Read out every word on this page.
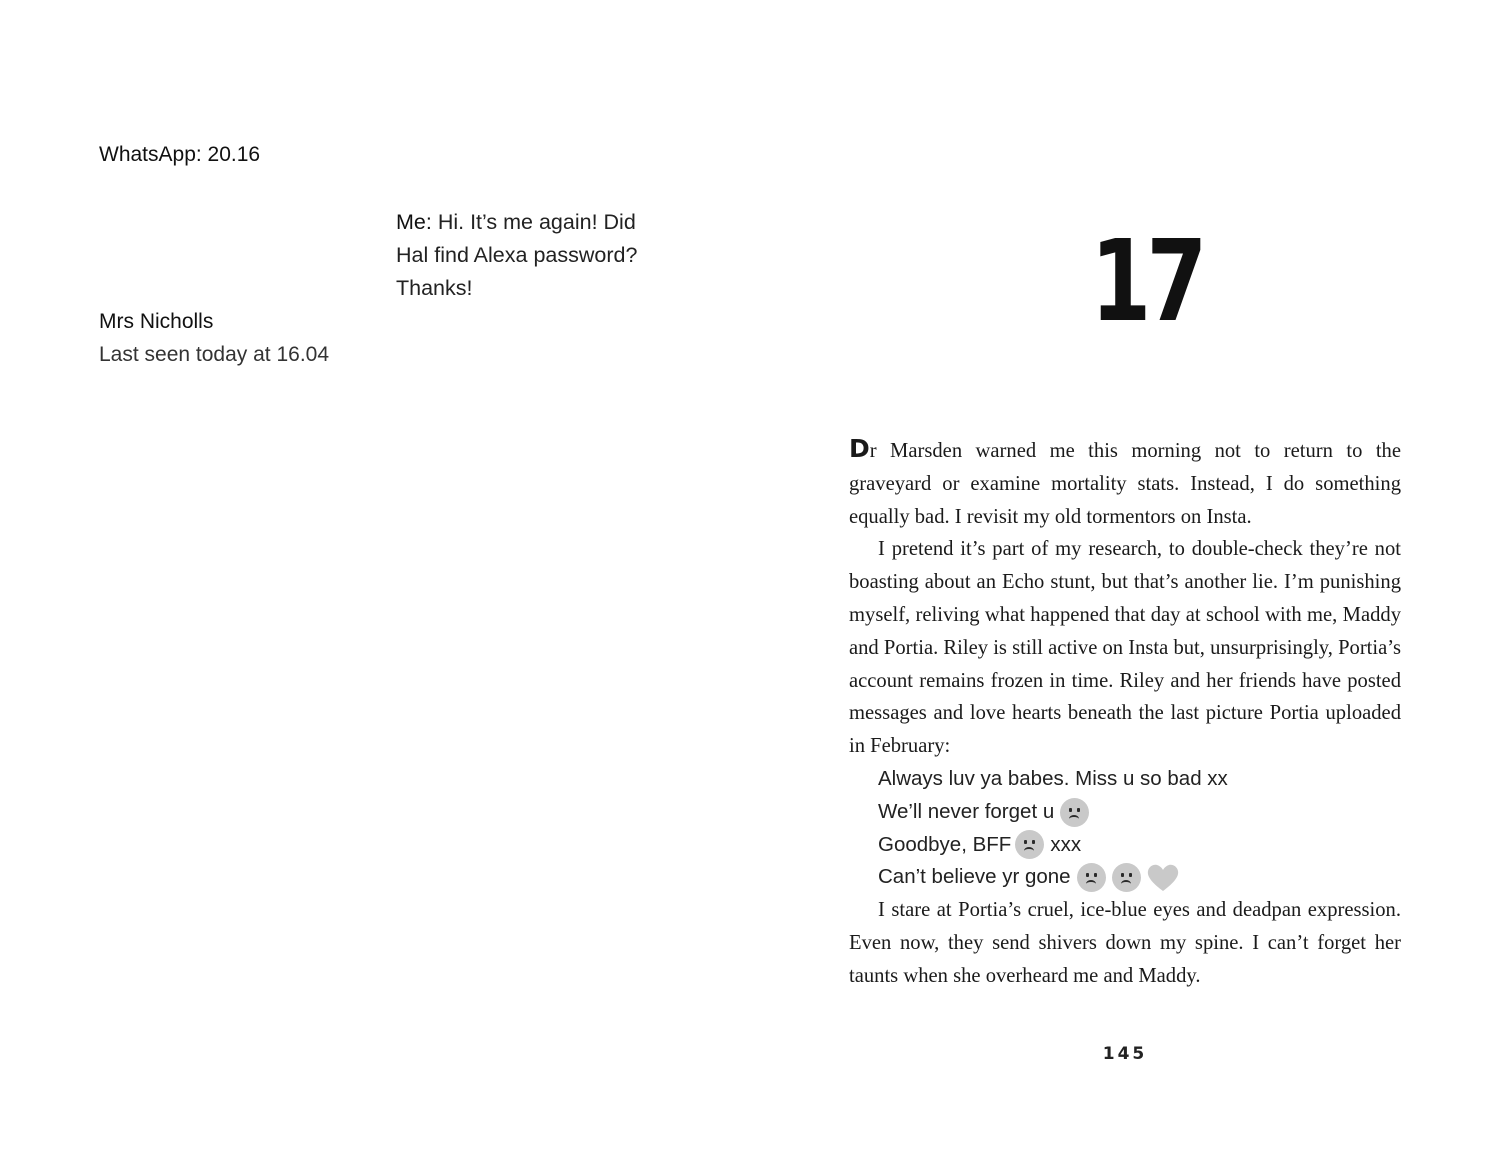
WhatsApp: 20.16
Me: Hi. It’s me again! Did
Hal find Alexa password?
Thanks!
Mrs Nicholls
Last seen today at 16.04
17

Dr Marsden warned me this morning not to return to the graveyard or examine mortality stats. Instead, I do something equally bad. I revisit my old tormentors on Insta.

I pretend it’s part of my research, to double-check they’re not boasting about an Echo stunt, but that’s another lie. I’m punishing myself, reliving what happened that day at school with me, Maddy and Portia. Riley is still active on Insta but, unsurprisingly, Portia’s account remains frozen in time. Riley and her friends have posted messages and love hearts beneath the last picture Portia uploaded in February:

Always luv ya babes. Miss u so bad xx
We’ll never forget u
Goodbye, BFF xxx
Can’t believe yr gone

I stare at Portia’s cruel, ice-blue eyes and deadpan expression. Even now, they send shivers down my spine. I can’t forget her taunts when she overheard me and Maddy.

145
